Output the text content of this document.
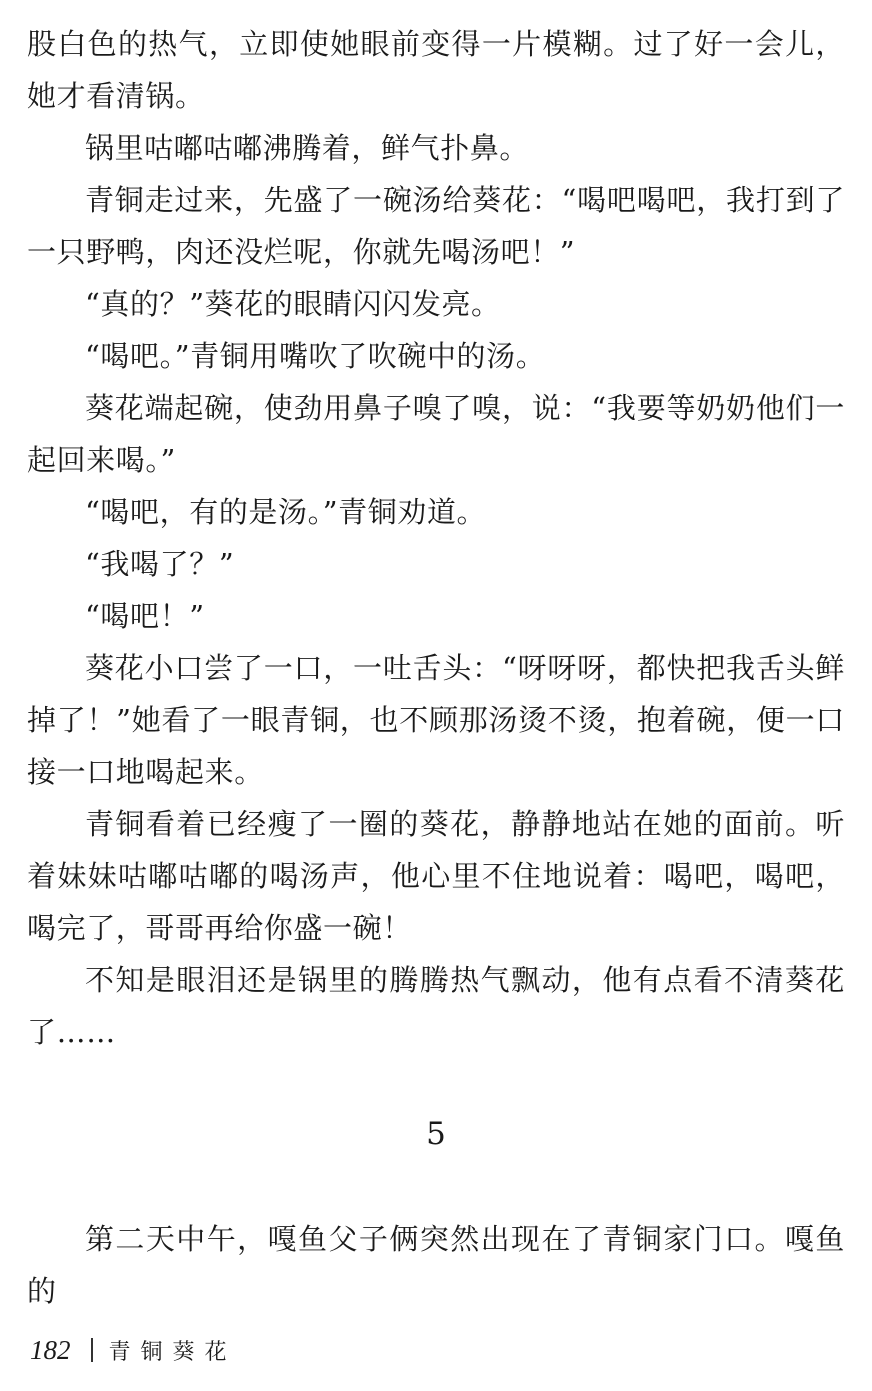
股白色的热气，立即使她眼前变得一片模糊。过了好一会儿，她才看清锅。

锅里咕嘟咕嘟沸腾着，鲜气扑鼻。

青铜走过来，先盛了一碗汤给葵花：“喝吧喝吧，我打到了一只野鸭，肉还没烂呢，你就先喝汤吧！”

“真的？”葵花的眼睛闪闪发亮。

“喝吧。”青铜用嘴吹了吹碗中的汤。

葵花端起碗，使劲用鼻子嗅了嗅，说：“我要等奶奶他们一起回来喝。”

“喝吧，有的是汤。”青铜劝道。

“我喝了？”

“喝吧！”

葵花小口尝了一口，一吐舌头：“呀呀呀，都快把我舌头鲜掉了！”她看了一眼青铜，也不顾那汤烫不烫，抱着碗，便一口接一口地喝起来。

青铜看着已经瘦了一圈的葵花，静静地站在她的面前。听着妹妹咕嘟咕嘟的喝汤声，他心里不住地说着：喝吧，喝吧，喝完了，哥哥再给你盛一碗！

不知是眼泪还是锅里的腾腾热气飘动，他有点看不清葵花了……

5

第二天中午，嘎鱼父子俩突然出现在了青铜家门口。嘎鱼的

182 青铜葵花
